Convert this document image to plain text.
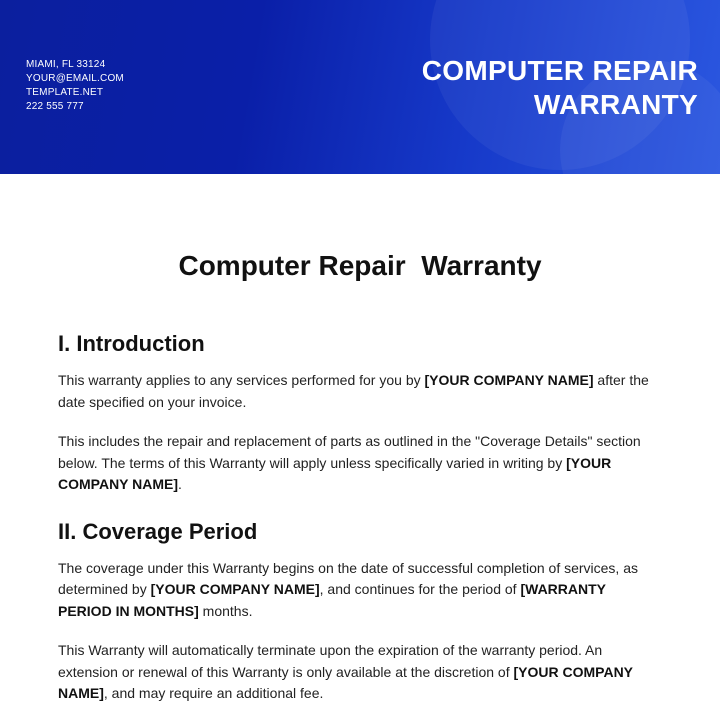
MIAMI, FL 33124
YOUR@EMAIL.COM
TEMPLATE.NET
222 555 777
COMPUTER REPAIR
WARRANTY
Computer Repair  Warranty
I. Introduction

This warranty applies to any services performed for you by [YOUR COMPANY NAME] after the date specified on your invoice.

This includes the repair and replacement of parts as outlined in the "Coverage Details" section below. The terms of this Warranty will apply unless specifically varied in writing by [YOUR COMPANY NAME].

II. Coverage Period

The coverage under this Warranty begins on the date of successful completion of services, as determined by [YOUR COMPANY NAME], and continues for the period of [WARRANTY PERIOD IN MONTHS] months.

This Warranty will automatically terminate upon the expiration of the warranty period. An extension or renewal of this Warranty is only available at the discretion of [YOUR COMPANY NAME], and may require an additional fee.
